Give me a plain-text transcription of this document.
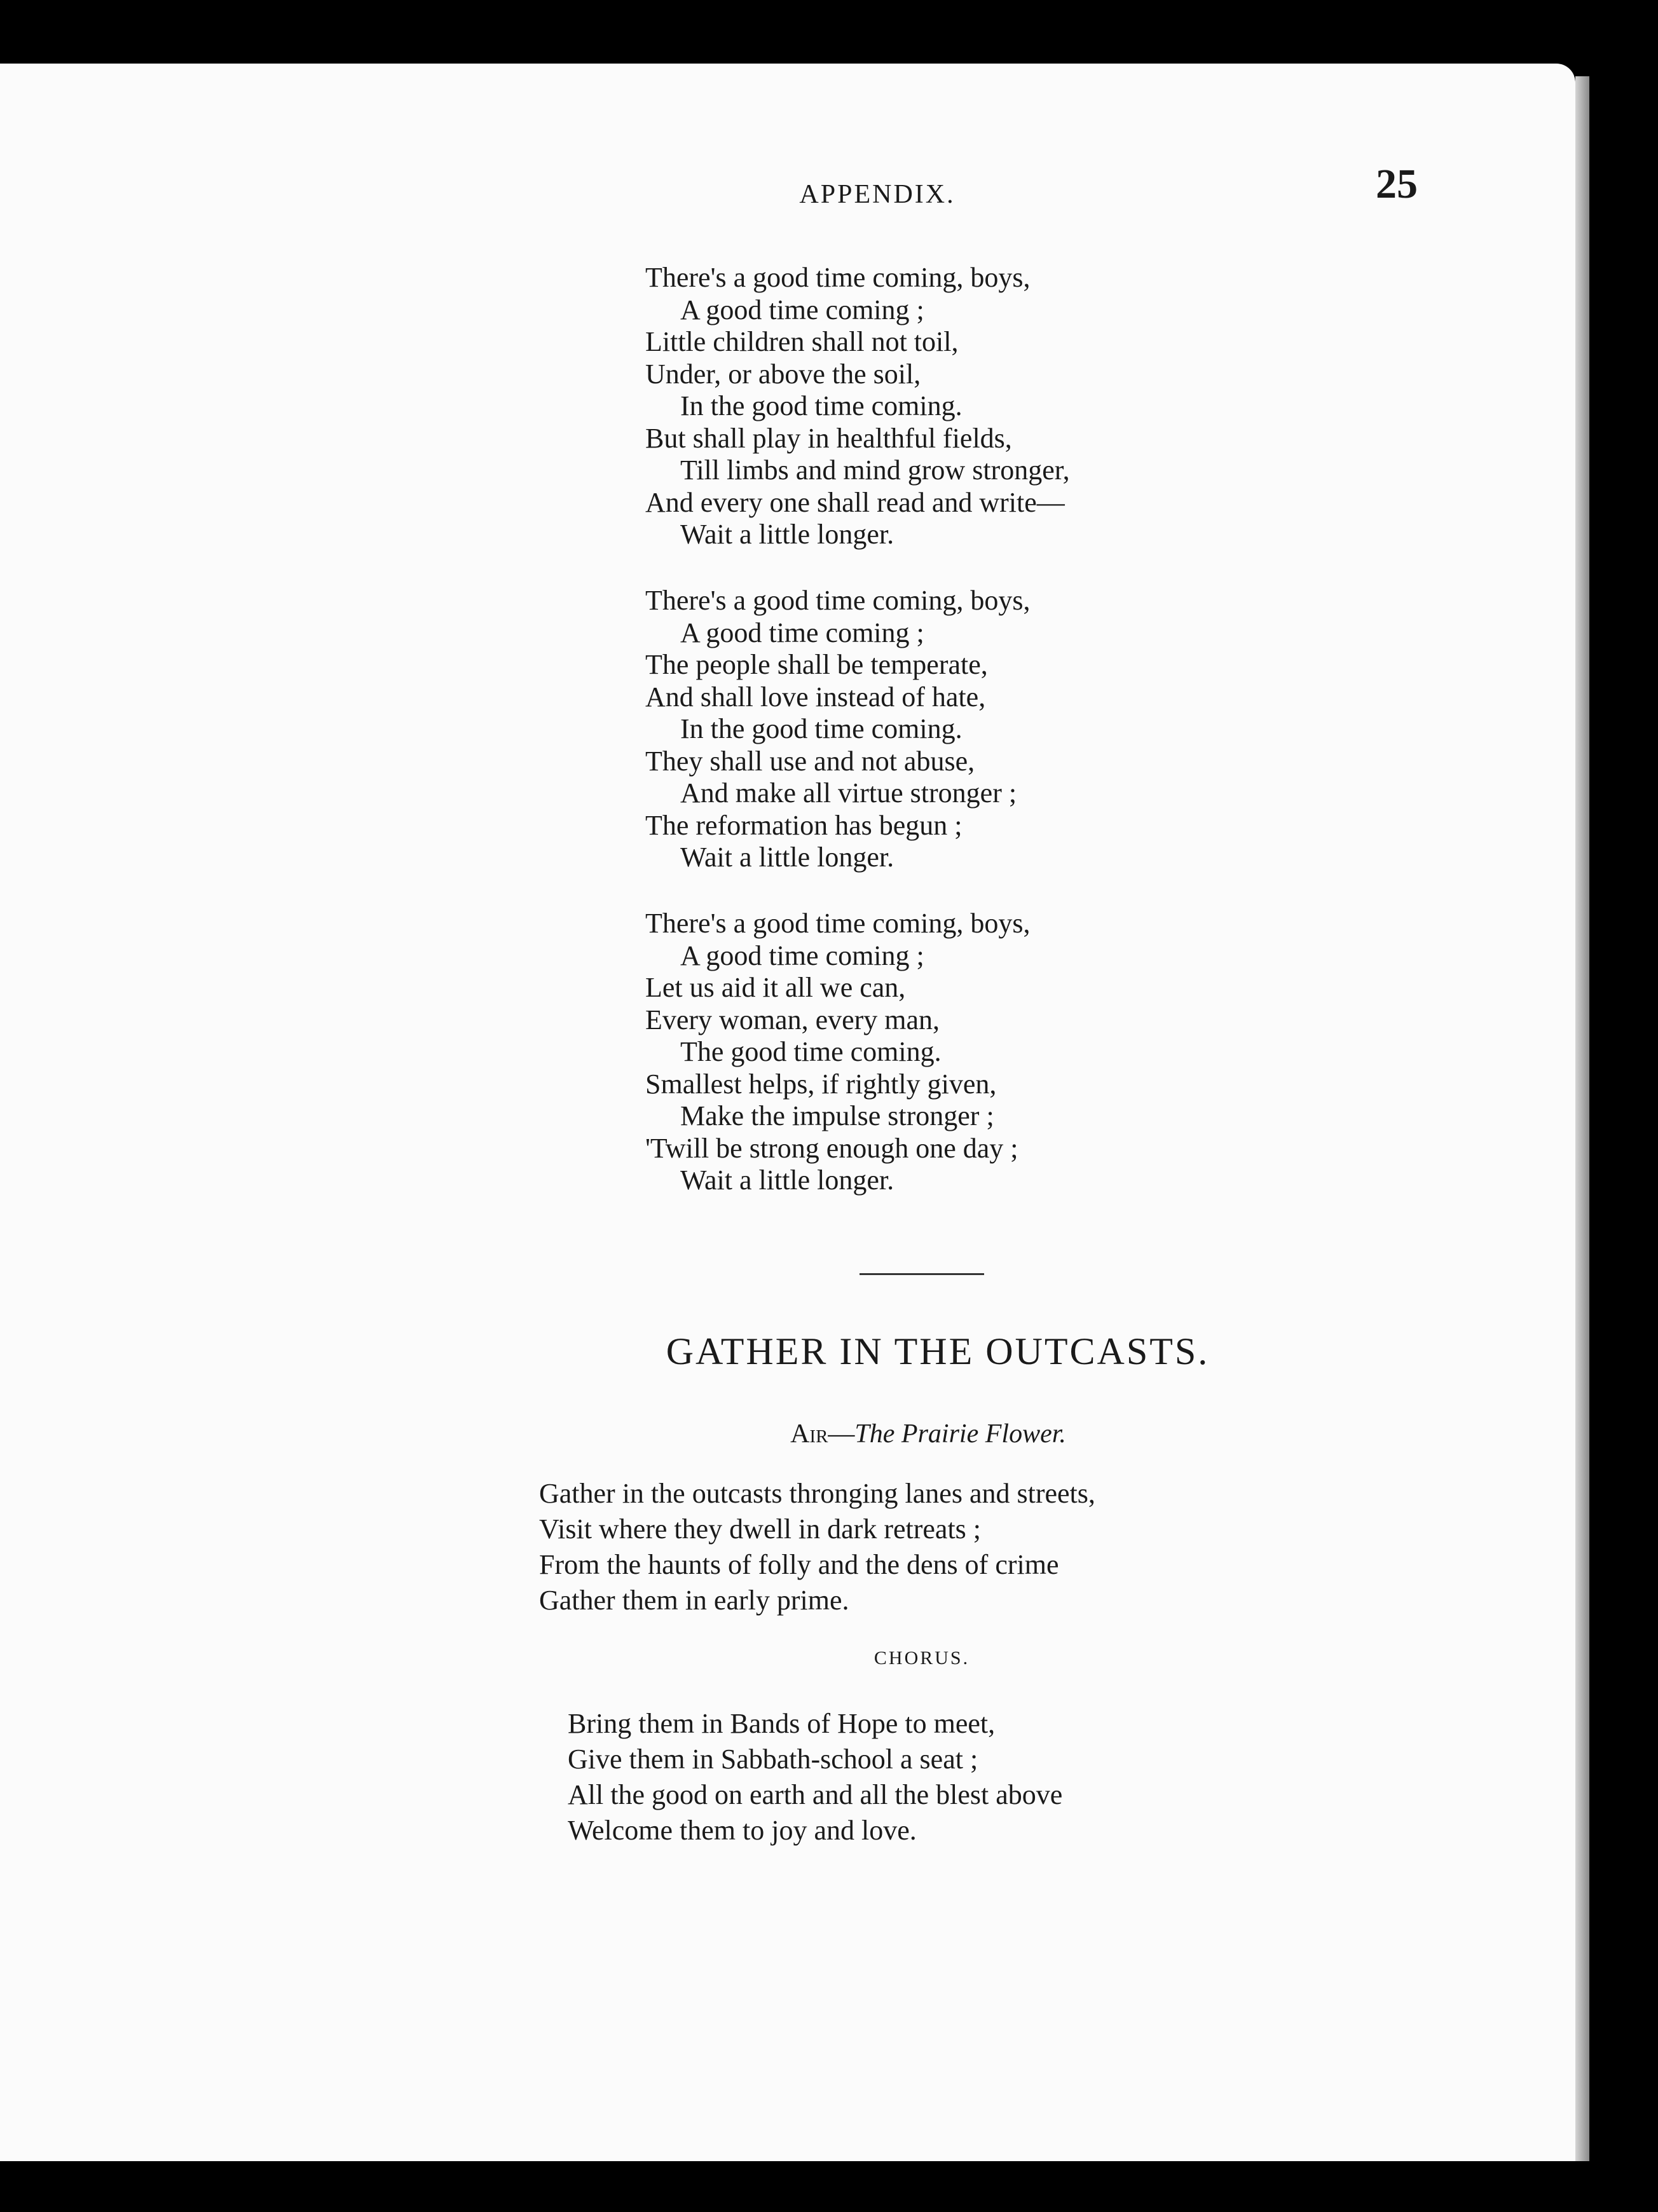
APPENDIX.	25
There's a good time coming, boys,
A good time coming ;
Little children shall not toil,
Under, or above the soil,
In the good time coming.
But shall play in healthful fields,
Till limbs and mind grow stronger,
And every one shall read and write—
Wait a little longer.
There's a good time coming, boys,
A good time coming ;
The people shall be temperate,
And shall love instead of hate,
In the good time coming.
They shall use and not abuse,
And make all virtue stronger ;
The reformation has begun ;
Wait a little longer.
There's a good time coming, boys,
A good time coming ;
Let us aid it all we can,
Every woman, every man,
The good time coming.
Smallest helps, if rightly given,
Make the impulse stronger ;
'Twill be strong enough one day ;
Wait a little longer.
GATHER IN THE OUTCASTS.
Air—The Prairie Flower.
Gather in the outcasts thronging lanes and streets,
Visit where they dwell in dark retreats ;
From the haunts of folly and the dens of crime
Gather them in early prime.
CHORUS.
Bring them in Bands of Hope to meet,
Give them in Sabbath-school a seat ;
All the good on earth and all the blest above
Welcome them to joy and love.
